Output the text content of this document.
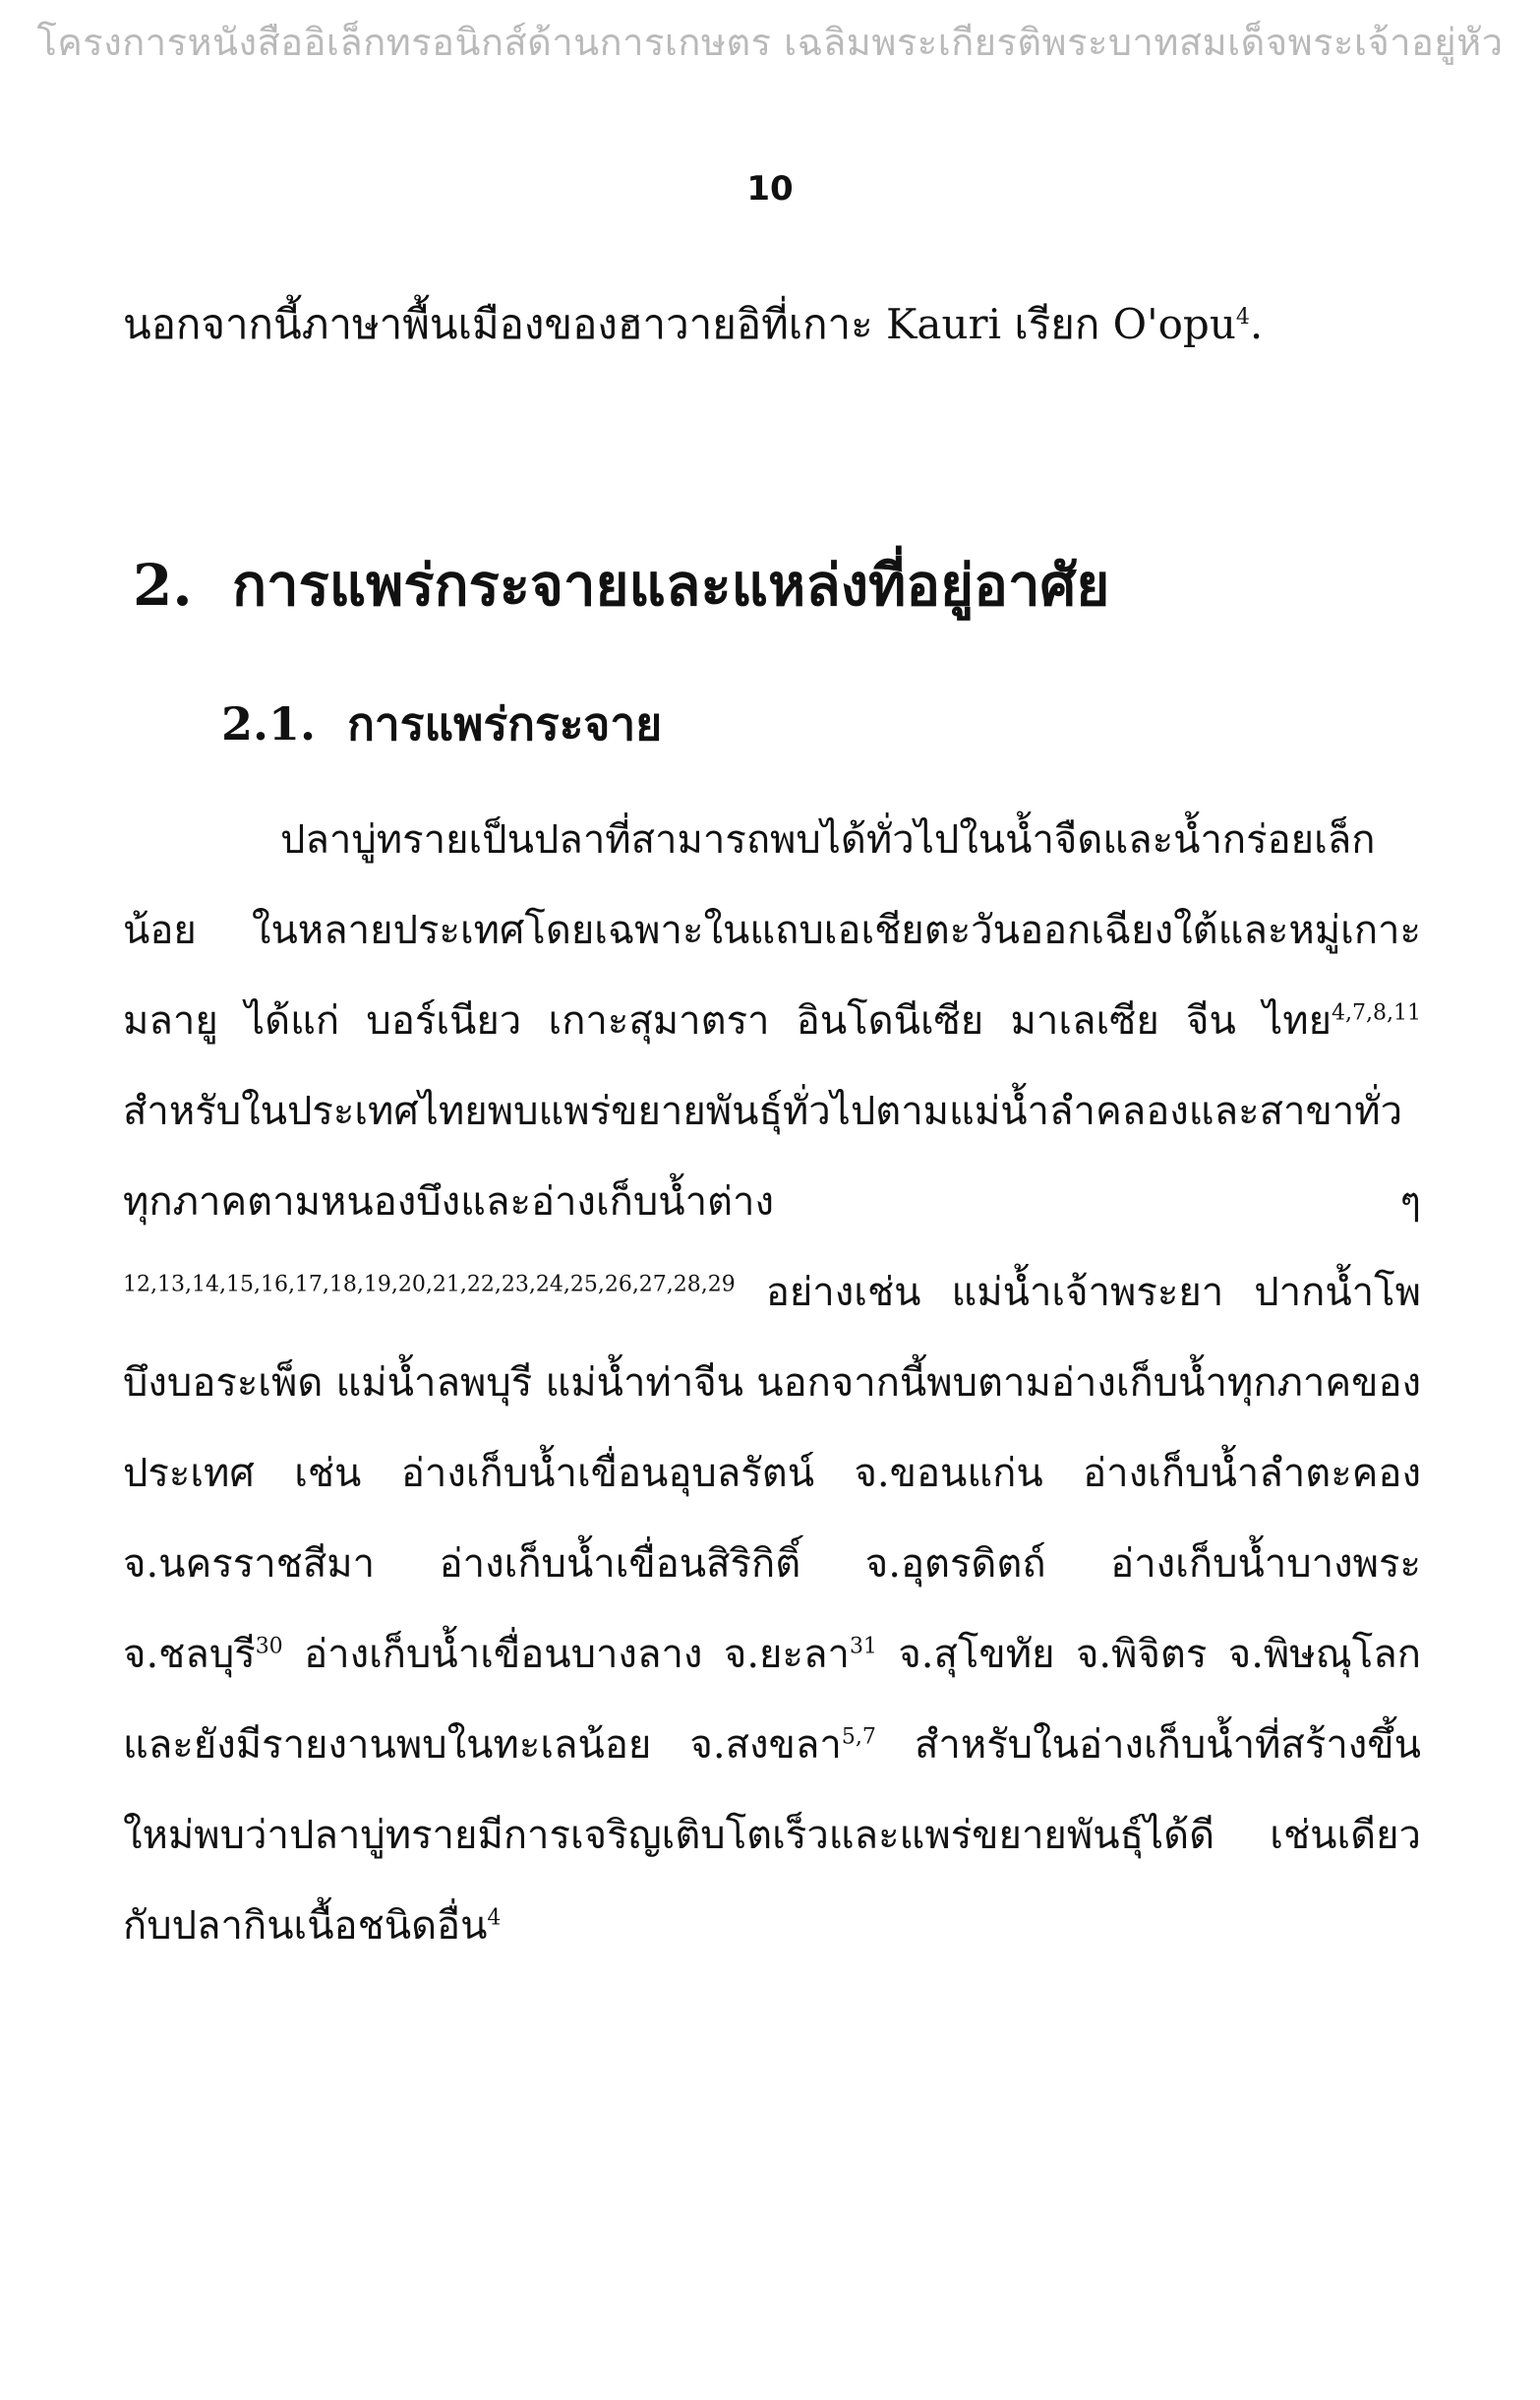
โครงการหนังสืออิเล็กทรอนิกส์ด้านการเกษตร เฉลิมพระเกียรติพระบาทสมเด็จพระเจ้าอยู่หัว
10
นอกจากนี้ภาษาพื้นเมืองของฮาวายอิที่เกาะ Kauri เรียก O'opu$^4$.
2. การแพร่กระจายและแหล่งที่อยู่อาศัย
2.1. การแพร่กระจาย
ปลาบู่ทรายเป็นปลาที่สามารถพบได้ทั่วไปในน้ำจืดและน้ำกร่อยเล็กน้อย ในหลายประเทศโดยเฉพาะในแถบเอเชียตะวันออกเฉียงใต้และหมู่เกาะมลายู ได้แก่ บอร์เนียว เกาะสุมาตรา อินโดนีเซีย มาเลเซีย จีน ไทย$^{4,7,8,11}$ สำหรับในประเทศไทยพบแพร่ขยายพันธุ์ทั่วไปตามแม่น้ำลำคลองและสาขาทั่วทุกภาคตามหนองบึงและอ่างเก็บน้ำต่าง ๆ $^{12,13,14,15,16,17,18,19,20,21,22,23,24,25,26,27,28,29}$ อย่างเช่น แม่น้ำเจ้าพระยา ปากน้ำโพ บึงบอระเพ็ด แม่น้ำลพบุรี แม่น้ำท่าจีน นอกจากนี้พบตามอ่างเก็บน้ำทุกภาคของประเทศ เช่น อ่างเก็บน้ำเขื่อนอุบลรัตน์ จ.ขอนแก่น อ่างเก็บน้ำลำตะคอง จ.นครราชสีมา อ่างเก็บน้ำเขื่อนสิริกิติ์ จ.อุตรดิตถ์ อ่างเก็บน้ำบางพระ จ.ชลบุรี$^{30}$ อ่างเก็บน้ำเขื่อนบางลาง จ.ยะลา$^{31}$ จ.สุโขทัย จ.พิจิตร จ.พิษณุโลก และยังมีรายงานพบในทะเลน้อย จ.สงขลา$^{5,7}$ สำหรับในอ่างเก็บน้ำที่สร้างขึ้นใหม่พบว่าปลาบู่ทรายมีการเจริญเติบโตเร็วและแพร่ขยายพันธุ์ได้ดี เช่นเดียวกับปลากินเนื้อชนิดอื่น$^4$
